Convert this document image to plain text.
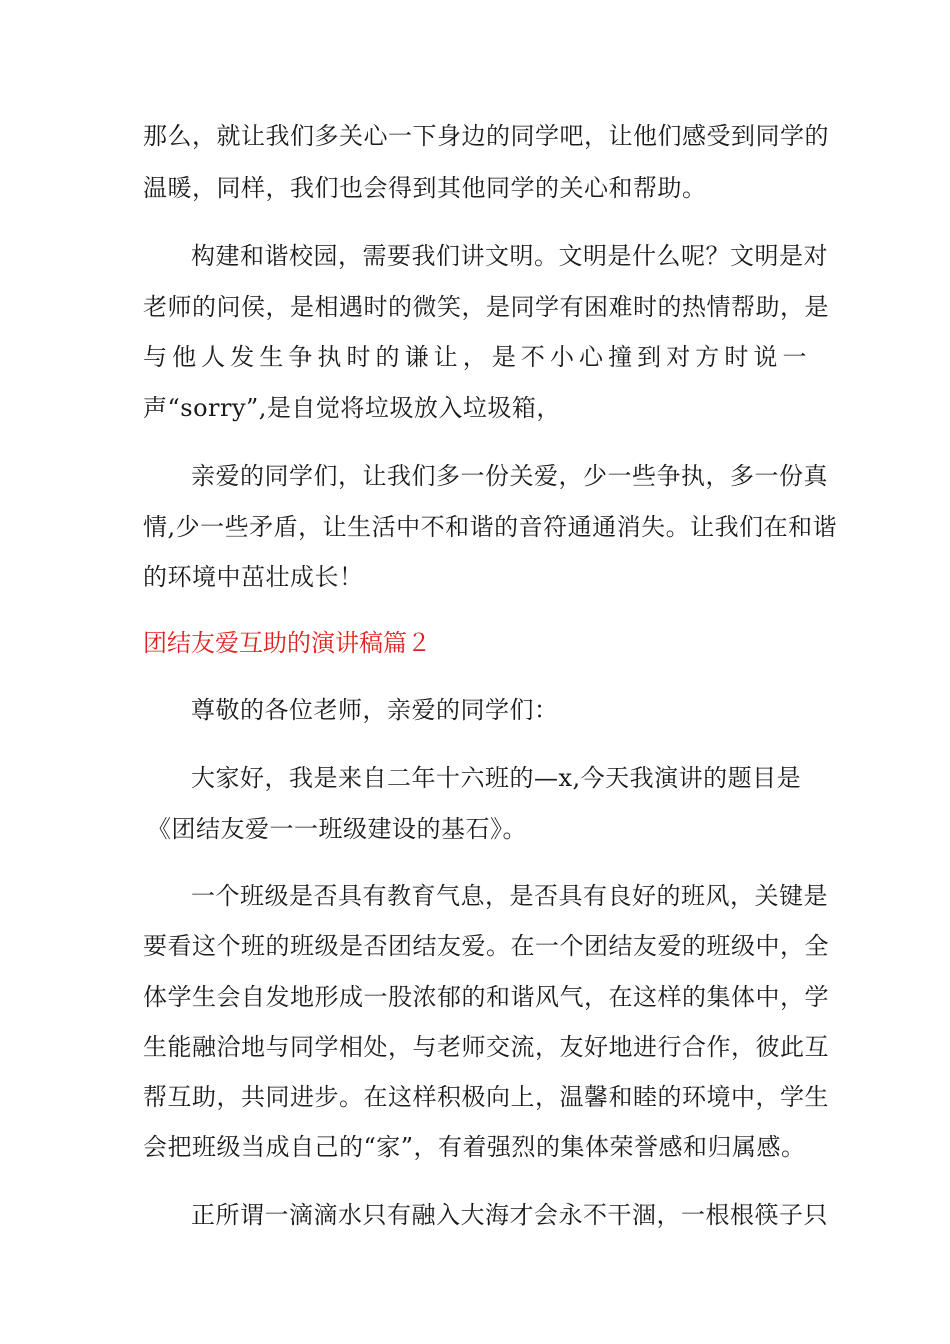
那么，就让我们多关心一下身边的同学吧，让他们感受到同学的
温暖，同样，我们也会得到其他同学的关心和帮助。
构建和谐校园，需要我们讲文明。文明是什么呢？文明是对
老师的问侯，是相遇时的微笑，是同学有困难时的热情帮助，是
与他人发生争执时的谦让，是不小心撞到对方时说一
声“sorry”,是自觉将垃圾放入垃圾箱，
亲爱的同学们，让我们多一份关爱，少一些争执，多一份真
情,少一些矛盾，让生活中不和谐的音符通通消失。让我们在和谐
的环境中茁壮成长！
团结友爱互助的演讲稿篇２
尊敬的各位老师，亲爱的同学们：
大家好，我是来自二年十六班的—x,今天我演讲的题目是
《团结友爱一一班级建设的基石》。
一个班级是否具有教育气息，是否具有良好的班风，关键是
要看这个班的班级是否团结友爱。在一个团结友爱的班级中，全
体学生会自发地形成一股浓郁的和谐风气，在这样的集体中，学
生能融洽地与同学相处，与老师交流，友好地进行合作，彼此互
帮互助，共同进步。在这样积极向上，温馨和睦的环境中，学生
会把班级当成自己的“家”，有着强烈的集体荣誉感和归属感。
正所谓一滴滴水只有融入大海才会永不干涸，一根根筷子只
